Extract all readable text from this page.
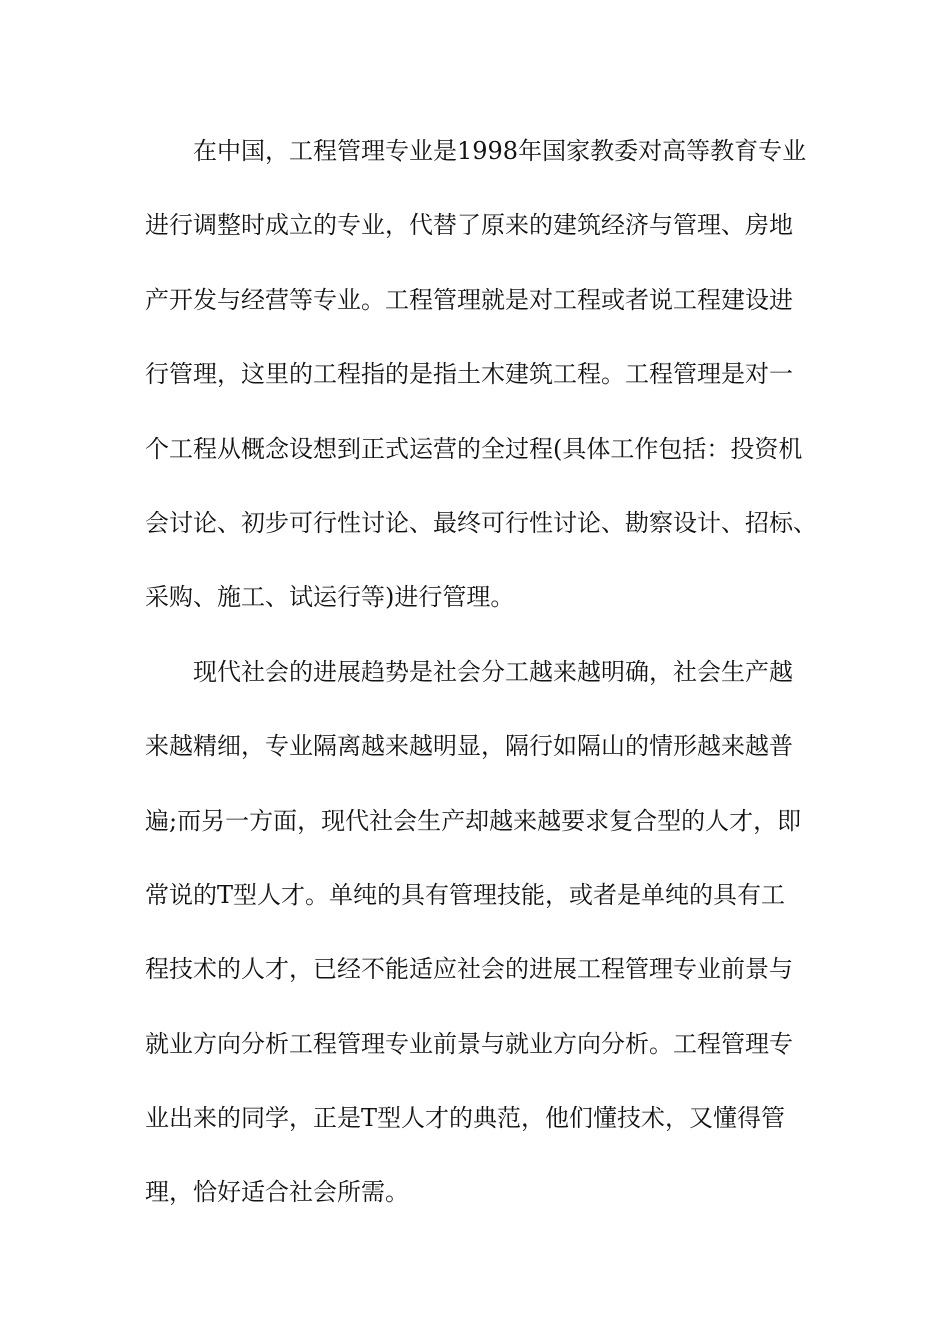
在中国，工程管理专业是1998年国家教委对高等教育专业
进行调整时成立的专业，代替了原来的建筑经济与管理、房地
产开发与经营等专业。工程管理就是对工程或者说工程建设进
行管理，这里的工程指的是指土木建筑工程。工程管理是对一
个工程从概念设想到正式运营的全过程(具体工作包括：投资机
会讨论、初步可行性讨论、最终可行性讨论、勘察设计、招标、
采购、施工、试运行等)进行管理。
现代社会的进展趋势是社会分工越来越明确，社会生产越
来越精细，专业隔离越来越明显，隔行如隔山的情形越来越普
遍;而另一方面，现代社会生产却越来越要求复合型的人才，即
常说的T型人才。单纯的具有管理技能，或者是单纯的具有工
程技术的人才，已经不能适应社会的进展工程管理专业前景与
就业方向分析工程管理专业前景与就业方向分析。工程管理专
业出来的同学，正是T型人才的典范，他们懂技术，又懂得管
理，恰好适合社会所需。
